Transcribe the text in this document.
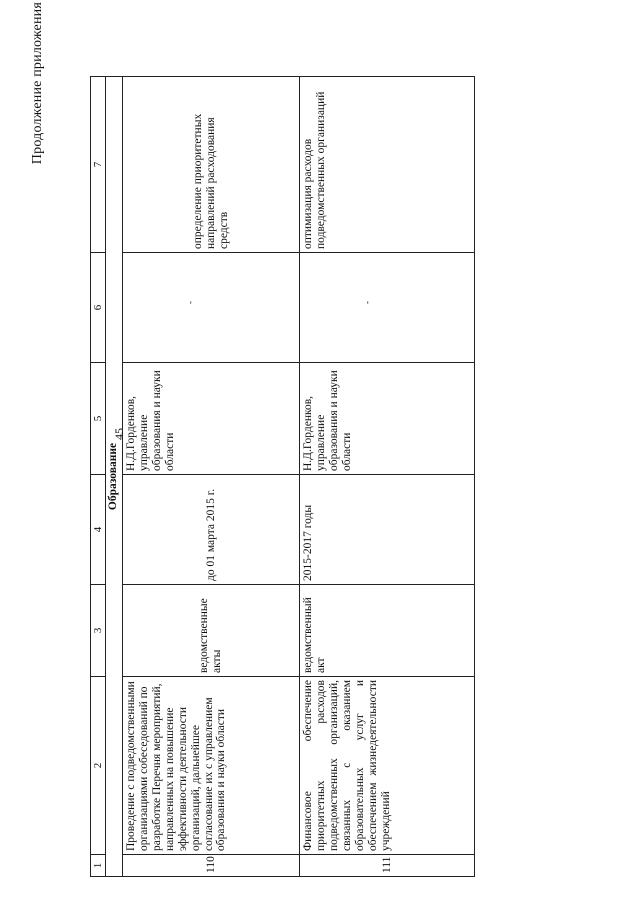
Продолжение приложения
45
1	2	3	4	5	6	7
Образование						
110	Проведение с подведомственными организациями собеседований по разработке Перечня мероприятий, направленных на повышение эффективности деятельности организаций, дальнейшее согласование их с управлением образования и науки области	ведомственные акты	до 01 марта 2015 г.	Н.Д.Горденков, управление образования и науки области	-	определение приоритетных направлений расходования средств
111	Финансовое обеспечение приоритетных расходов подведомственных организаций, связанных с оказанием образовательных услуг и обеспечением жизнедеятельности учреждений	ведомственный акт	2015-2017 годы	Н.Д.Горденков, управление образования и науки области	-	оптимизация расходов подведомственных организаций
